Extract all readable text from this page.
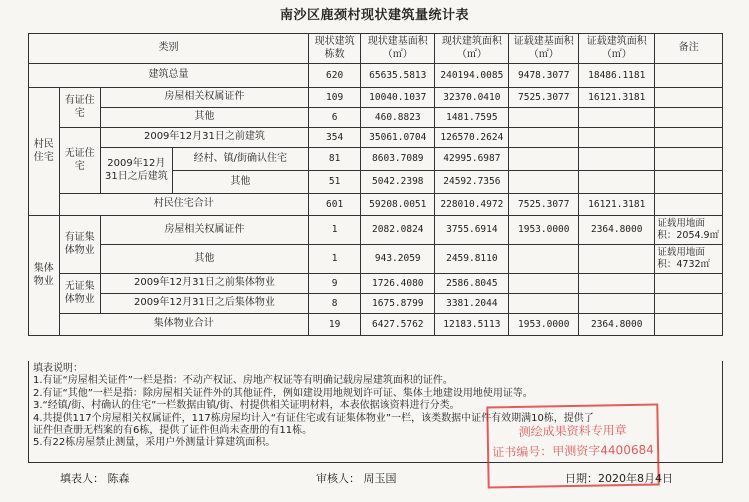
南沙区鹿颈村现状建筑量统计表
类别				现状建筑栋数	现状建基面积（㎡）	现状建筑面积（㎡）	证载建基面积（㎡）	证载建筑面积（㎡）	备注
建筑总量				620	65635.5813	240194.0085	9478.3077	18486.1181	
村民住宅	有证住宅	房屋相关权属证件		109	10040.1037	32370.0410	7525.3077	16121.3181	
		其他		6	460.8823	1481.7595			
	无证住宅	2009年12月31日之前建筑		354	35061.0704	126570.2624			
		2009年12月31日之后建筑	经村、镇/街确认住宅	81	8603.7089	42995.6987			
			其他	51	5042.2398	24592.7356			
	村民住宅合计			601	59208.0051	228010.4972	7525.3077	16121.3181	
集体物业	有证集体物业	房屋相关权属证件		1	2082.0824	3755.6914	1953.0000	2364.8000	证载用地面积：2054.9㎡
		其他		1	943.2059	2459.8110			证载用地面积：4732㎡
	无证集体物业	2009年12月31日之前集体物业		9	1726.4080	2586.8045			
		2009年12月31日之后集体物业		8	1675.8799	3381.2044			
	集体物业合计			19	6427.5762	12183.5113	1953.0000	2364.8000	
填表说明：
1.有证“房屋相关证件”一栏是指：不动产权证、房地产权证等有明确记载房屋建筑面积的证件。
2.有证“其他”一栏是指：除房屋相关证件外的其他证件，例如建设用地规划许可证、集体土地建设用地使用证等。
3.“经镇/街、村确认的住宅”一栏数据由镇/街、村提供相关证明材料，本表依据该资料进行分类。
4.共提供117个房屋相关权属证件，117栋房屋均计入“有证住宅或有证集体物业”一栏，该类数据中证件有效期满10栋，提供了
证件但查册无档案的有6栋，提供了证件但尚未查册的有11栋。
5.有22栋房屋禁止测量，采用户外测量计算建筑面积。
填表人： 陈森	审核人： 周玉国	日期：2020年8月4日
测绘成果资料专用章
证书编号：甲测资字4400684
